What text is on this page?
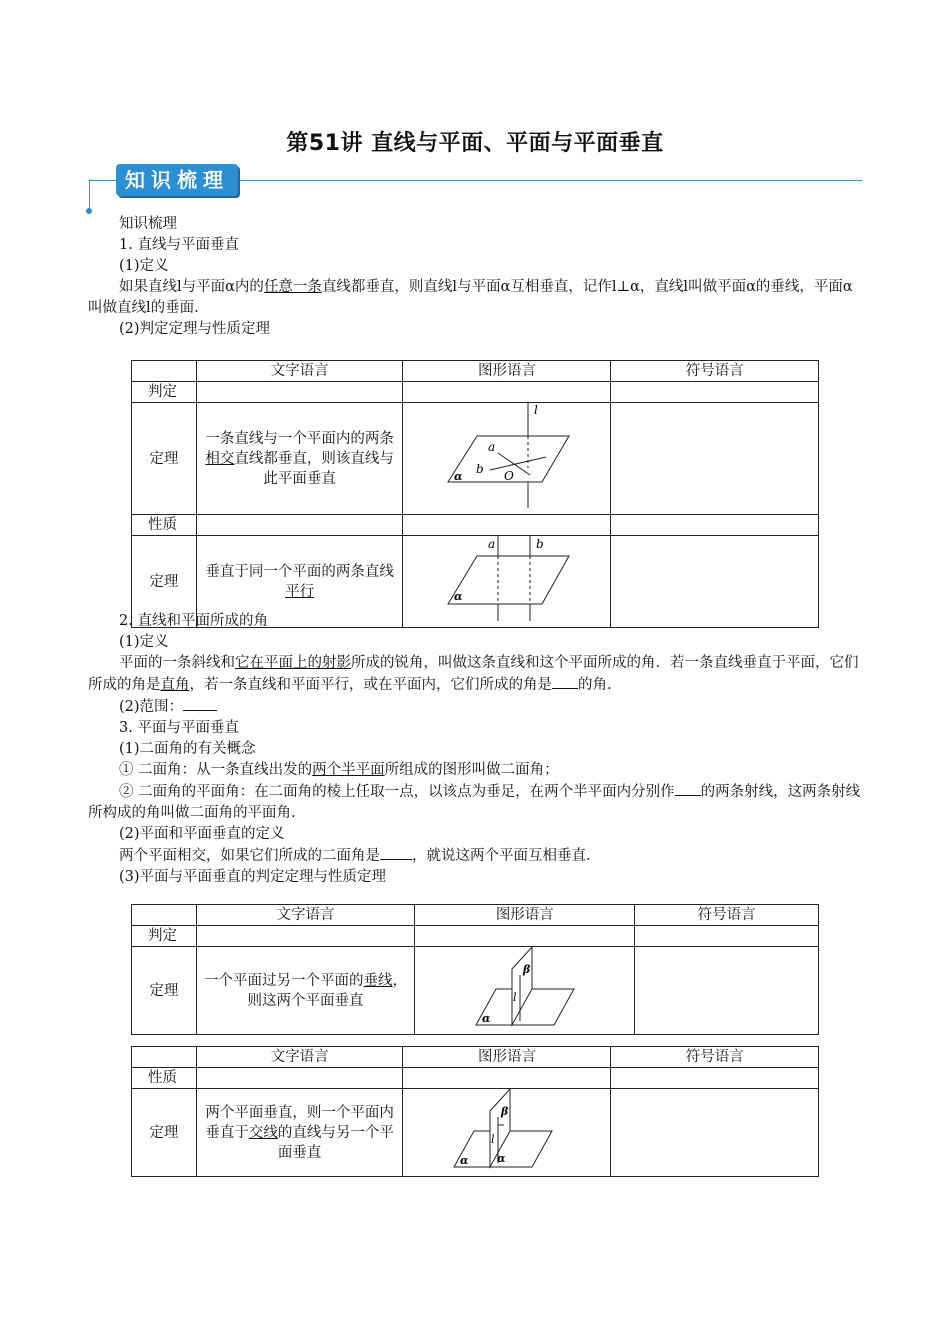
第51讲 直线与平面、平面与平面垂直
知识梳理
知识梳理
1. 直线与平面垂直
(1)定义
如果直线l与平面α内的任意一条直线都垂直，则直线l与平面α互相垂直，记作l⊥α，直线l叫做平面α的垂线，平面α叫做直线l的垂面.
(2)判定定理与性质定理
	文字语言	图形语言	符号语言
判定			
定理	一条直线与一个平面内的两条相交直线都垂直，则该直线与此平面垂直	l
a
b O
α	

性质			
定理	垂直于同一个平面的两条直线平行	a b
α	

2. 直线和平面所成的角
(1)定义
平面的一条斜线和它在平面上的射影所成的锐角，叫做这条直线和这个平面所成的角．若一条直线垂直于平面，它们所成的角是直角，若一条直线和平面平行，或在平面内，它们所成的角是 的角.
(2)范围：
3. 平面与平面垂直
(1)二面角的有关概念
① 二面角：从一条直线出发的两个半平面所组成的图形叫做二面角；
② 二面角的平面角：在二面角的棱上任取一点，以该点为垂足，在两个半平面内分别作 的两条射线，这两条射线所构成的角叫做二面角的平面角.
(2)平面和平面垂直的定义
两个平面相交，如果它们所成的二面角是 ，就说这两个平面互相垂直.
(3)平面与平面垂直的判定定理与性质定理
	文字语言	图形语言	符号语言
判定			
定理	一个平面过另一个平面的垂线，则这两个平面垂直	β
l
α	

	文字语言	图形语言	符号语言
性质			
定理	两个平面垂直，则一个平面内垂直于交线的直线与另一个平面垂直	β
l
α α	
